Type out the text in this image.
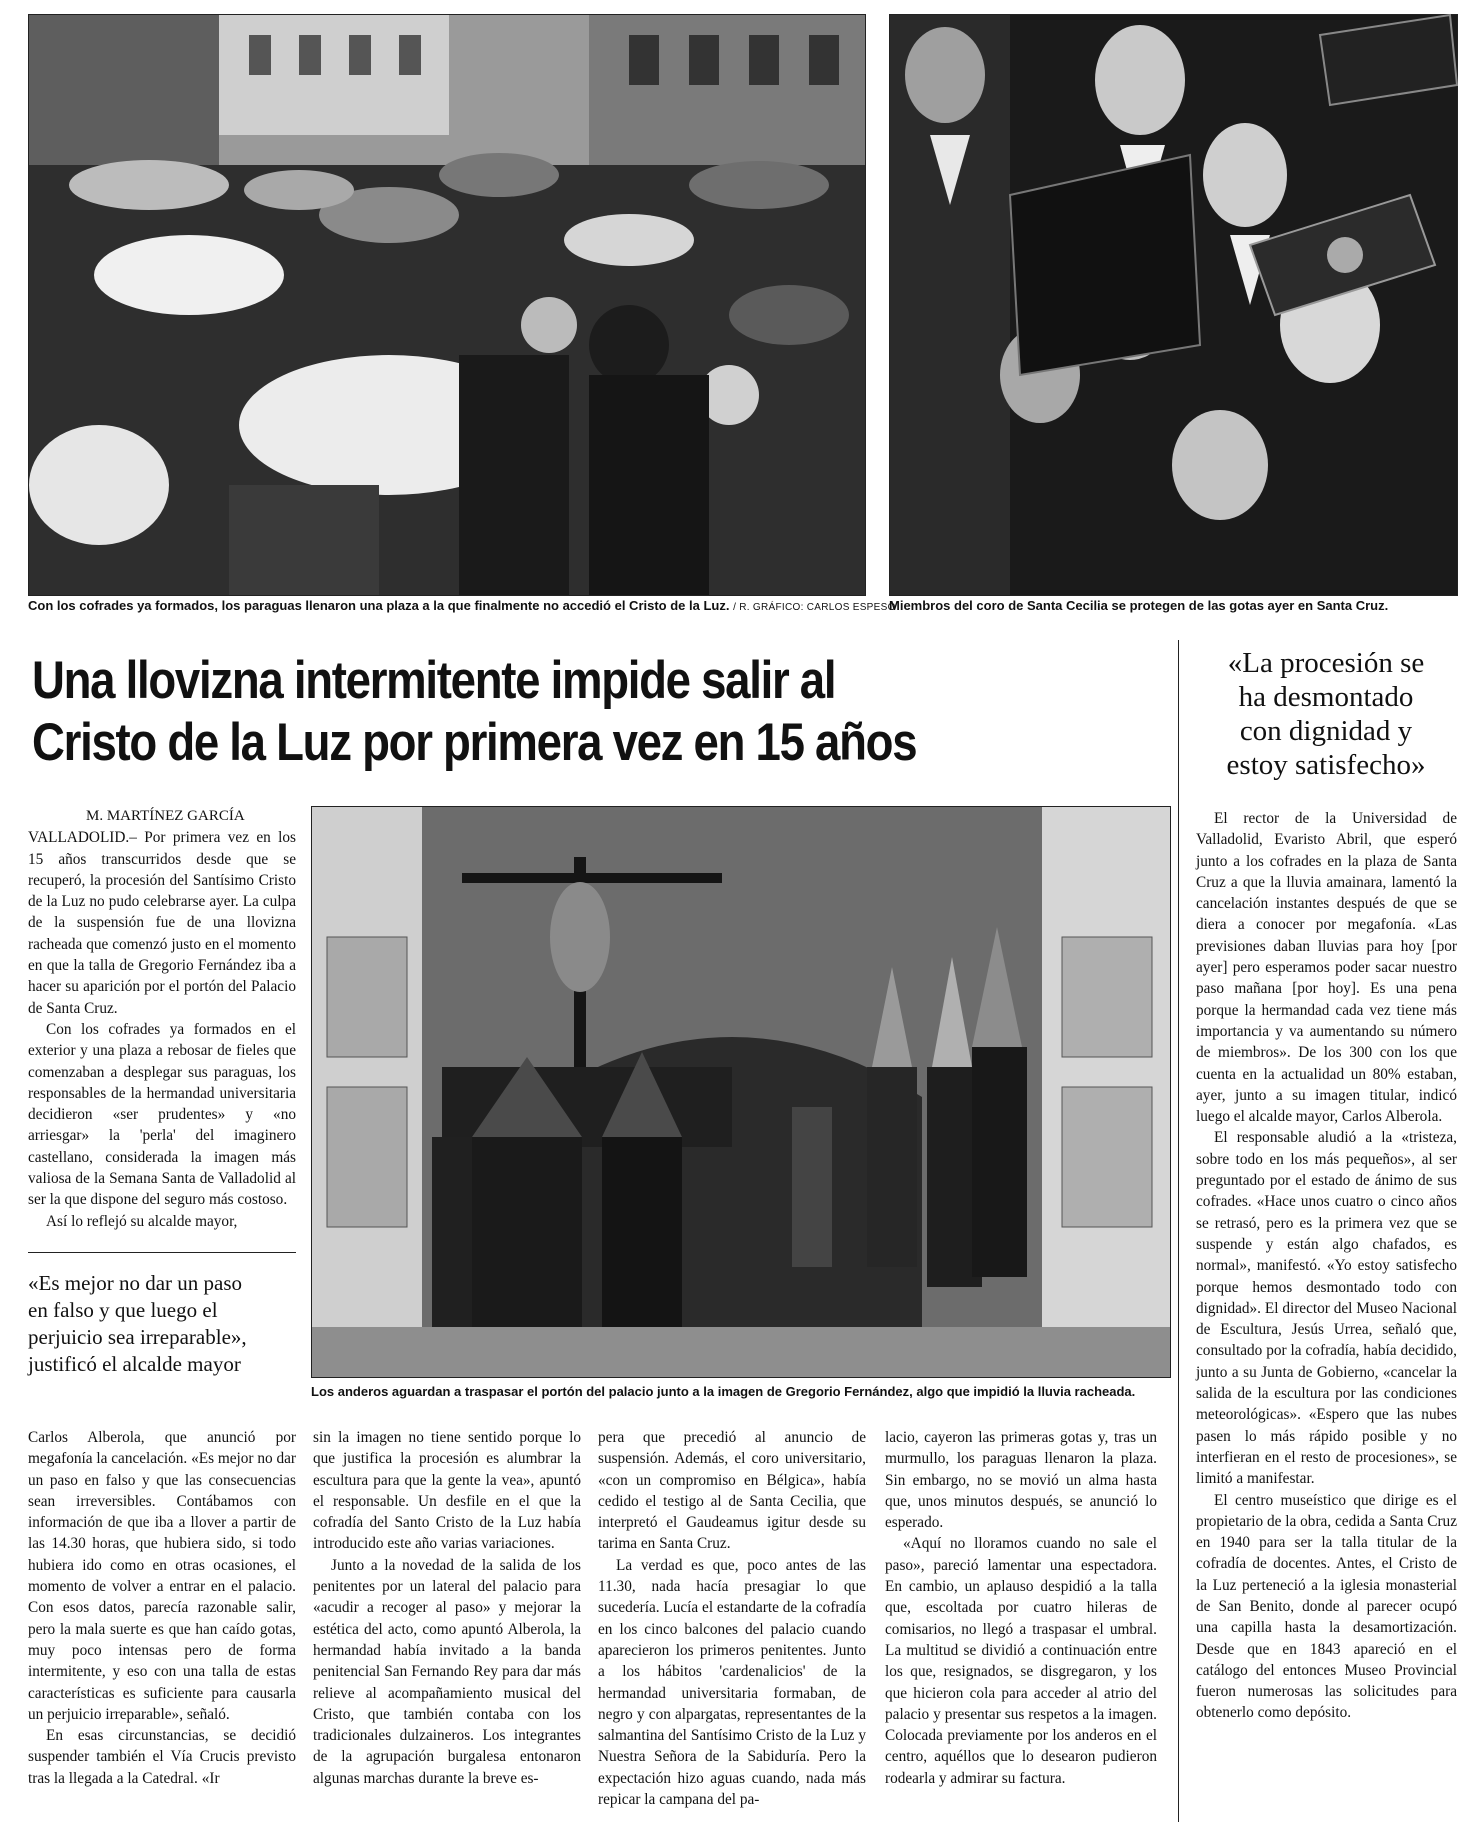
Con los cofrades ya formados, los paraguas llenaron una plaza a la que finalmente no accedió el Cristo de la Luz. / R. GRÁFICO: CARLOS ESPESO
Miembros del coro de Santa Cecilia se protegen de las gotas ayer en Santa Cruz.
Una llovizna intermitente impide salir al
Cristo de la Luz por primera vez en 15 años
«La procesión se
ha desmontado
con dignidad y
estoy satisfecho»

El rector de la Universidad de Valladolid, Evaristo Abril, que esperó junto a los cofrades en la plaza de Santa Cruz a que la lluvia amainara, lamentó la cancelación instantes después de que se diera a conocer por megafonía. «Las previsiones daban lluvias para hoy [por ayer] pero esperamos poder sacar nuestro paso mañana [por hoy]. Es una pena porque la hermandad cada vez tiene más importancia y va aumentando su número de miembros». De los 300 con los que cuenta en la actualidad un 80% estaban, ayer, junto a su imagen titular, indicó luego el alcalde mayor, Carlos Alberola.

El responsable aludió a la «tristeza, sobre todo en los más pequeños», al ser preguntado por el estado de ánimo de sus cofrades. «Hace unos cuatro o cinco años se retrasó, pero es la primera vez que se suspende y están algo chafados, es normal», manifestó. «Yo estoy satisfecho porque hemos desmontado todo con dignidad». El director del Museo Nacional de Escultura, Jesús Urrea, señaló que, consultado por la cofradía, había decidido, junto a su Junta de Gobierno, «cancelar la salida de la escultura por las condiciones meteorológicas». «Espero que las nubes pasen lo más rápido posible y no interfieran en el resto de procesiones», se limitó a manifestar.

El centro museístico que dirige es el propietario de la obra, cedida a Santa Cruz en 1940 para ser la talla titular de la cofradía de docentes. Antes, el Cristo de la Luz perteneció a la iglesia monasterial de San Benito, donde al parecer ocupó una capilla hasta la desamortización. Desde que en 1843 apareció en el catálogo del entonces Museo Provincial fueron numerosas las solicitudes para obtenerlo como depósito.

M. MARTÍNEZ GARCÍA

VALLADOLID.– Por primera vez en los 15 años transcurridos desde que se recuperó, la procesión del Santísimo Cristo de la Luz no pudo celebrarse ayer. La culpa de la suspensión fue de una llovizna racheada que comenzó justo en el momento en que la talla de Gregorio Fernández iba a hacer su aparición por el portón del Palacio de Santa Cruz.

Con los cofrades ya formados en el exterior y una plaza a rebosar de fieles que comenzaban a desplegar sus paraguas, los responsables de la hermandad universitaria decidieron «ser prudentes» y «no arriesgar» la 'perla' del imaginero castellano, considerada la imagen más valiosa de la Semana Santa de Valladolid al ser la que dispone del seguro más costoso.

Así lo reflejó su alcalde mayor,

«Es mejor no dar un paso
en falso y que luego el
perjuicio sea irreparable»,
justificó el alcalde mayor
Los anderos aguardan a traspasar el portón del palacio junto a la imagen de Gregorio Fernández, algo que impidió la lluvia racheada.

Carlos Alberola, que anunció por megafonía la cancelación. «Es mejor no dar un paso en falso y que las consecuencias sean irreversibles. Contábamos con información de que iba a llover a partir de las 14.30 horas, que hubiera sido, si todo hubiera ido como en otras ocasiones, el momento de volver a entrar en el palacio. Con esos datos, parecía razonable salir, pero la mala suerte es que han caído gotas, muy poco intensas pero de forma intermitente, y eso con una talla de estas características es suficiente para causarla un perjuicio irreparable», señaló.

En esas circunstancias, se decidió suspender también el Vía Crucis previsto tras la llegada a la Catedral. «Ir

sin la imagen no tiene sentido porque lo que justifica la procesión es alumbrar la escultura para que la gente la vea», apuntó el responsable. Un desfile en el que la cofradía del Santo Cristo de la Luz había introducido este año varias variaciones.

Junto a la novedad de la salida de los penitentes por un lateral del palacio para «acudir a recoger al paso» y mejorar la estética del acto, como apuntó Alberola, la hermandad había invitado a la banda penitencial San Fernando Rey para dar más relieve al acompañamiento musical del Cristo, que también contaba con los tradicionales dulzaineros. Los integrantes de la agrupación burgalesa entonaron algunas marchas durante la breve es-

pera que precedió al anuncio de suspensión. Además, el coro universitario, «con un compromiso en Bélgica», había cedido el testigo al de Santa Cecilia, que interpretó el Gaudeamus igitur desde su tarima en Santa Cruz.

La verdad es que, poco antes de las 11.30, nada hacía presagiar lo que sucedería. Lucía el estandarte de la cofradía en los cinco balcones del palacio cuando aparecieron los primeros penitentes. Junto a los hábitos 'cardenalicios' de la hermandad universitaria formaban, de negro y con alpargatas, representantes de la salmantina del Santísimo Cristo de la Luz y Nuestra Señora de la Sabiduría. Pero la expectación hizo aguas cuando, nada más repicar la campana del pa-

lacio, cayeron las primeras gotas y, tras un murmullo, los paraguas llenaron la plaza. Sin embargo, no se movió un alma hasta que, unos minutos después, se anunció lo esperado.

«Aquí no lloramos cuando no sale el paso», pareció lamentar una espectadora. En cambio, un aplauso despidió a la talla que, escoltada por cuatro hileras de comisarios, no llegó a traspasar el umbral. La multitud se dividió a continuación entre los que, resignados, se disgregaron, y los que hicieron cola para acceder al atrio del palacio y presentar sus respetos a la imagen. Colocada previamente por los anderos en el centro, aquéllos que lo desearon pudieron rodearla y admirar su factura.
